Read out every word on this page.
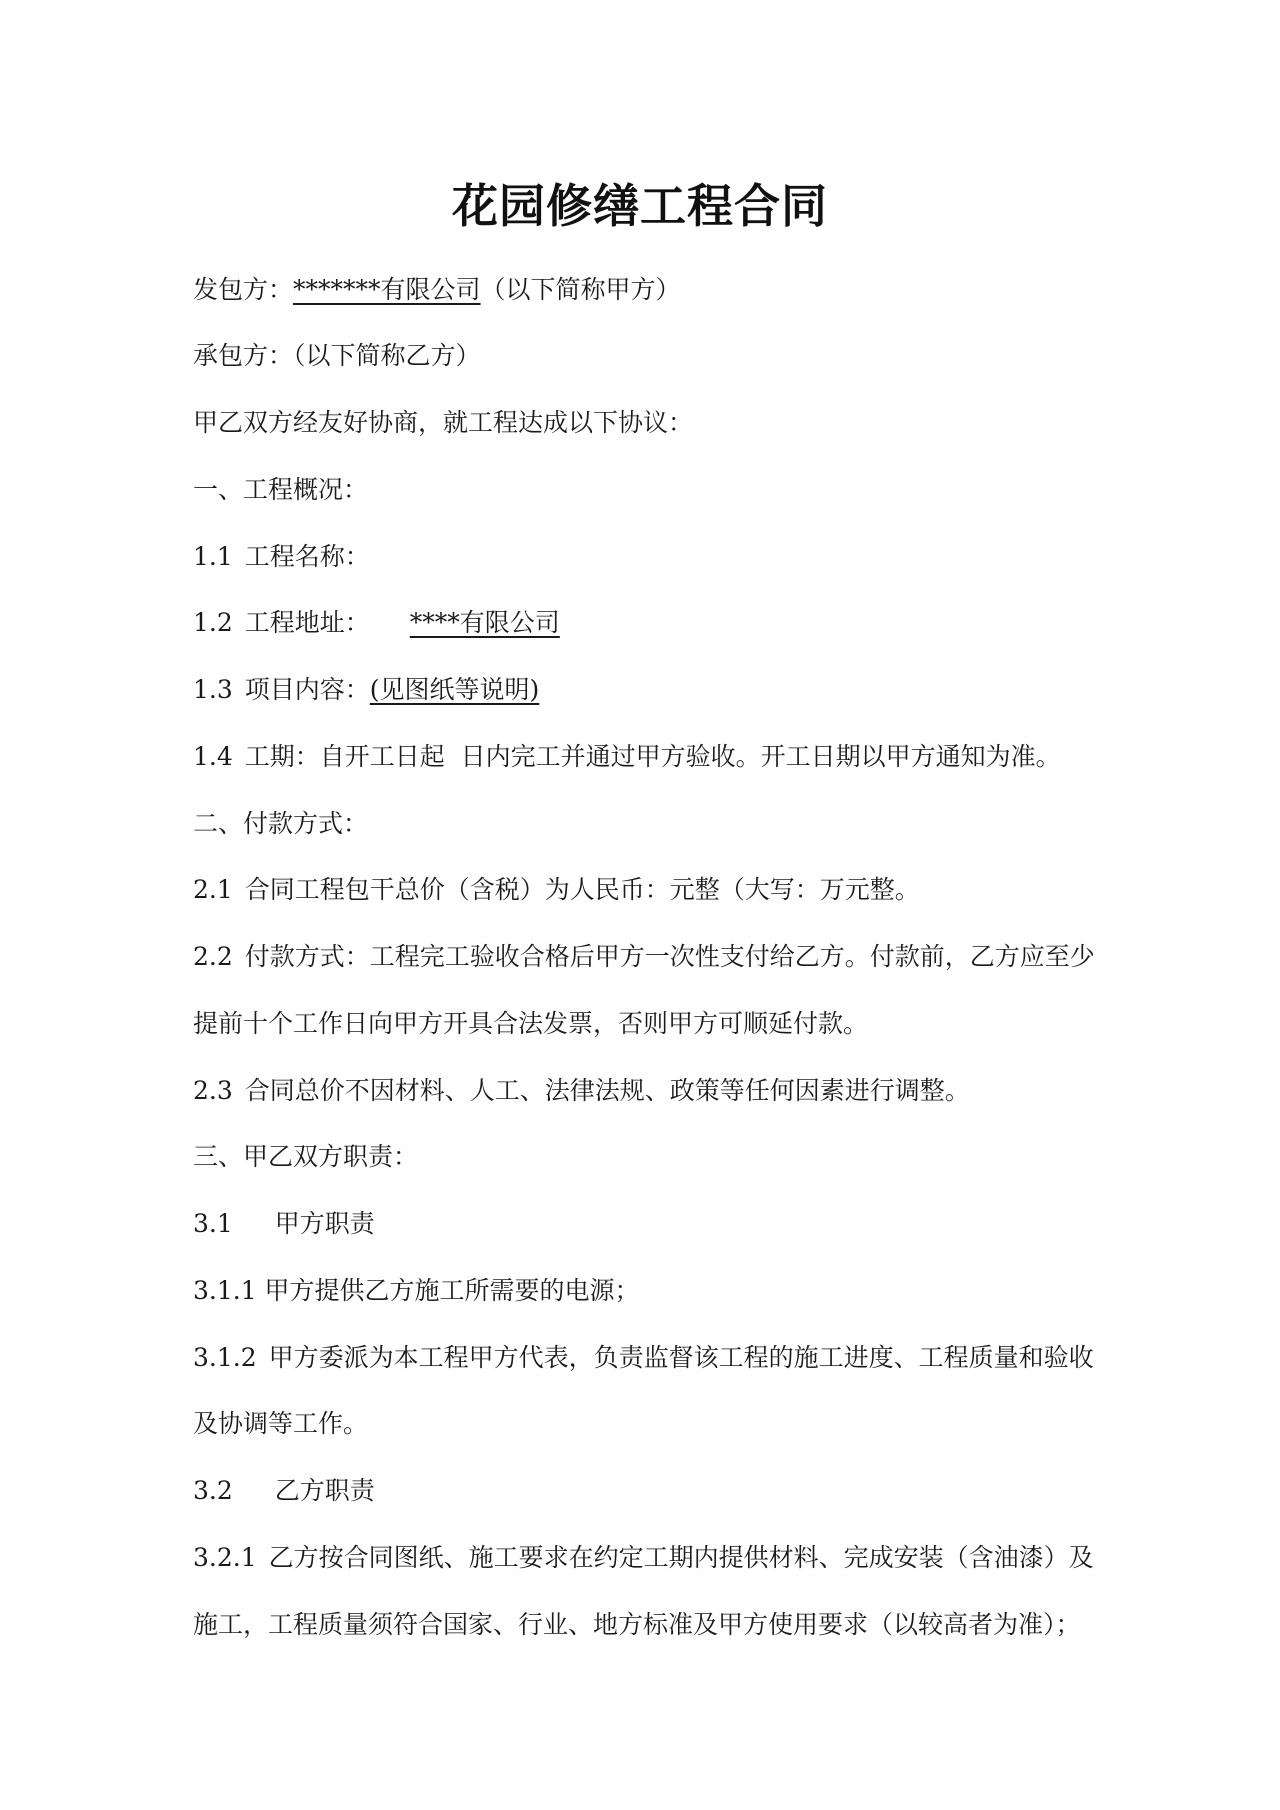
花园修缮工程合同
发包方：*******有限公司（以下简称甲方）
承包方：（以下简称乙方）
甲乙双方经友好协商，就工程达成以下协议：
一、工程概况：
1.1 工程名称：
1.2 工程地址： ****有限公司
1.3 项目内容：(见图纸等说明)
1.4 工期：自开工日起  日内完工并通过甲方验收。开工日期以甲方通知为准。
二、付款方式：
2.1 合同工程包干总价（含税）为人民币：元整（大写：万元整。
2.2 付款方式：工程完工验收合格后甲方一次性支付给乙方。付款前，乙方应至少
提前十个工作日向甲方开具合法发票，否则甲方可顺延付款。
2.3 合同总价不因材料、人工、法律法规、政策等任何因素进行调整。
三、甲乙双方职责：
3.1 甲方职责
3.1.1 甲方提供乙方施工所需要的电源；
3.1.2 甲方委派为本工程甲方代表，负责监督该工程的施工进度、工程质量和验收
及协调等工作。
3.2 乙方职责
3.2.1 乙方按合同图纸、施工要求在约定工期内提供材料、完成安装（含油漆）及
施工，工程质量须符合国家、行业、地方标准及甲方使用要求（以较高者为准）；
